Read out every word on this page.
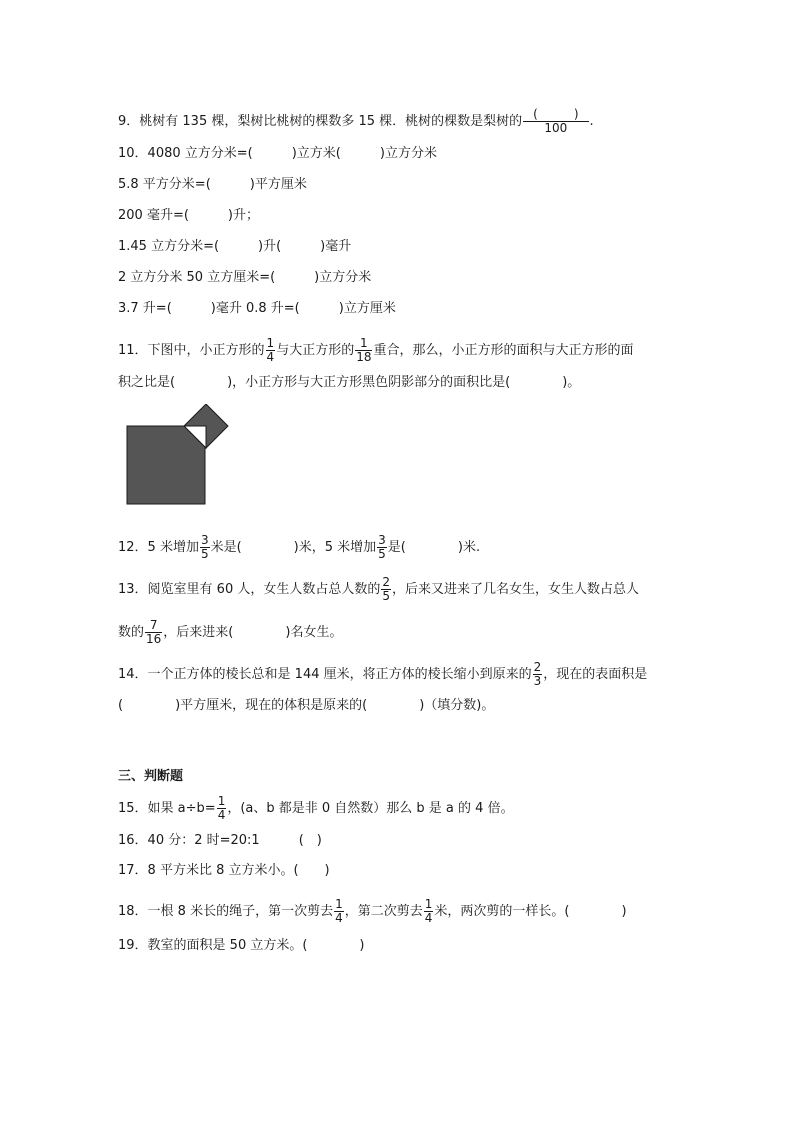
9．桃树有 135 棵，梨树比桃树的棵数多 15 棵．桃树的棵数是梨树的 $\frac{( )}{100}$ .
10．4080 立方分米=(　　　)立方米(　　　)立方分米
5.8 平方分米=(　　　)平方厘米
200 毫升=(　　　)升；
1.45 立方分米=(　　　)升(　　　)毫升
2 立方分米 50 立方厘米=(　　　)立方分米
3.7 升=(　　　)毫升 0.8 升=(　　　)立方厘米
11．下图中，小正方形的 $\frac{1}{4}$ 与大正方形的 $\frac{1}{18}$ 重合，那么，小正方形的面积与大正方形的面
积之比是(　　　　)，小正方形与大正方形黑色阴影部分的面积比是(　　　　)。
12．5 米增加 $\frac{3}{5}$ 米是(　　　　)米，5 米增加 $\frac{3}{5}$ 是(　　　　)米.
13．阅览室里有 60 人，女生人数占总人数的 $\frac{2}{5}$ ，后来又进来了几名女生，女生人数占总人
数的 $\frac{7}{16}$ ，后来进来(　　　　)名女生。
14．一个正方体的棱长总和是 144 厘米，将正方体的棱长缩小到原来的 $\frac{2}{3}$ ，现在的表面积是
(　　　　)平方厘米，现在的体积是原来的(　　　　)（填分数)。
三、判断题
15．如果 $a\div b= \frac{1}{4}$ ，(a、b 都是非 0 自然数）那么 b 是 a 的 4 倍。
16．40 分：2 时=20:1　　　(　)
17．8 平方米比 8 立方米小。(　　)
18．一根 8 米长的绳子，第一次剪去 $\frac{1}{4}$ ，第二次剪去 $\frac{1}{4}$ 米，两次剪的一样长。(　　　　)
19．教室的面积是 50 立方米。(　　　　)
